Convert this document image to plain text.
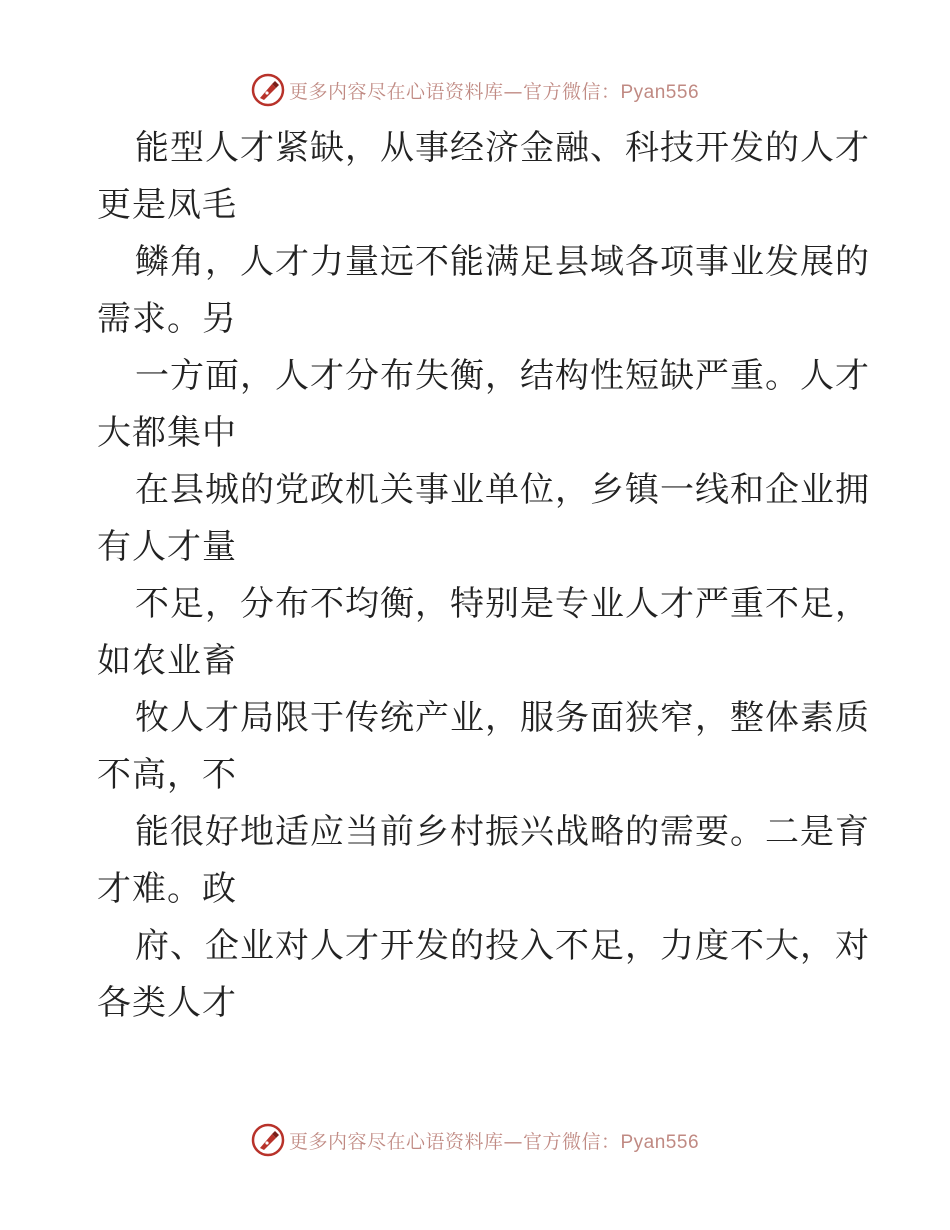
更多内容尽在心语资料库—官方微信：Pyan556
能型人才紧缺，从事经济金融、科技开发的人才
更是凤毛
鳞角，人才力量远不能满足县域各项事业发展的
需求。另
一方面，人才分布失衡，结构性短缺严重。人才
大都集中
在县城的党政机关事业单位，乡镇一线和企业拥
有人才量
不足，分布不均衡，特别是专业人才严重不足，
如农业畜
牧人才局限于传统产业，服务面狭窄，整体素质
不高，不
能很好地适应当前乡村振兴战略的需要。二是育
才难。政
府、企业对人才开发的投入不足，力度不大，对
各类人才
更多内容尽在心语资料库—官方微信：Pyan556
